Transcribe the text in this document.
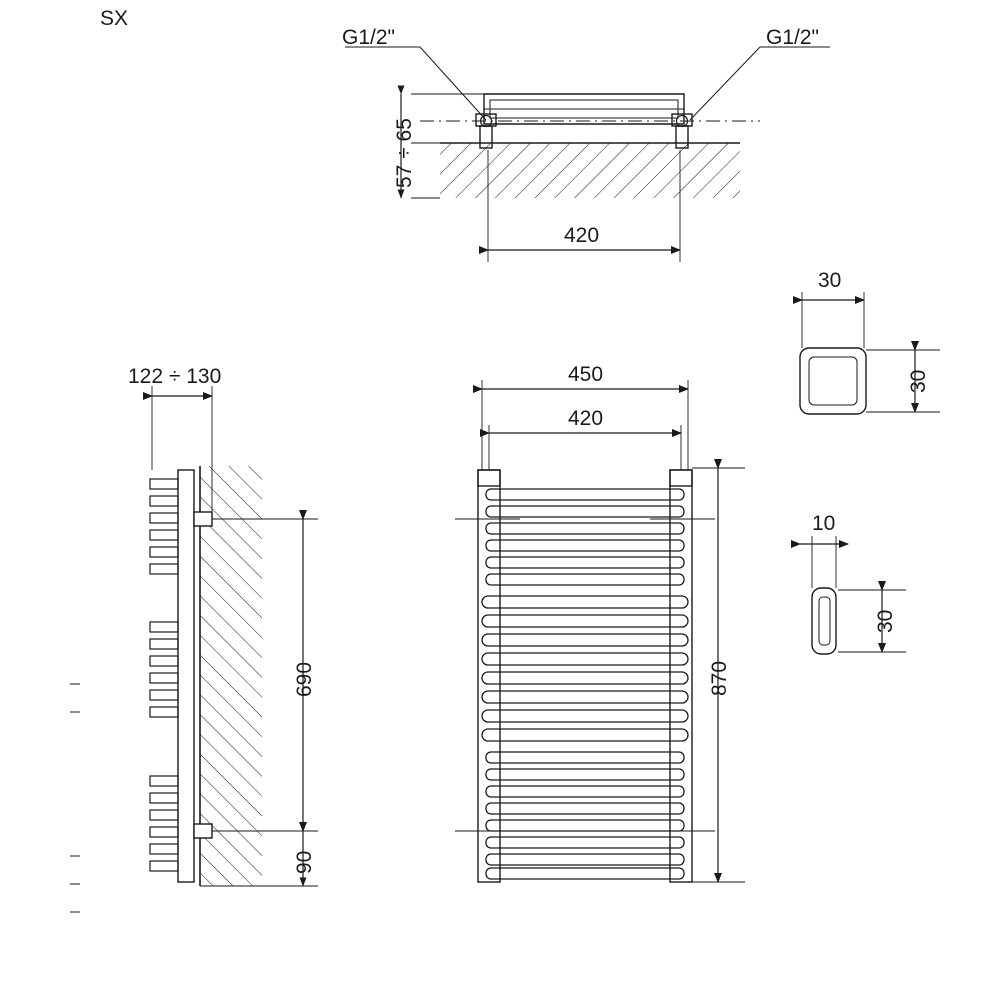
SX
G1/2"	G1/2"
57 ÷ 65
420
122 ÷ 130	450
420
690
90
870
30
30
10
30
